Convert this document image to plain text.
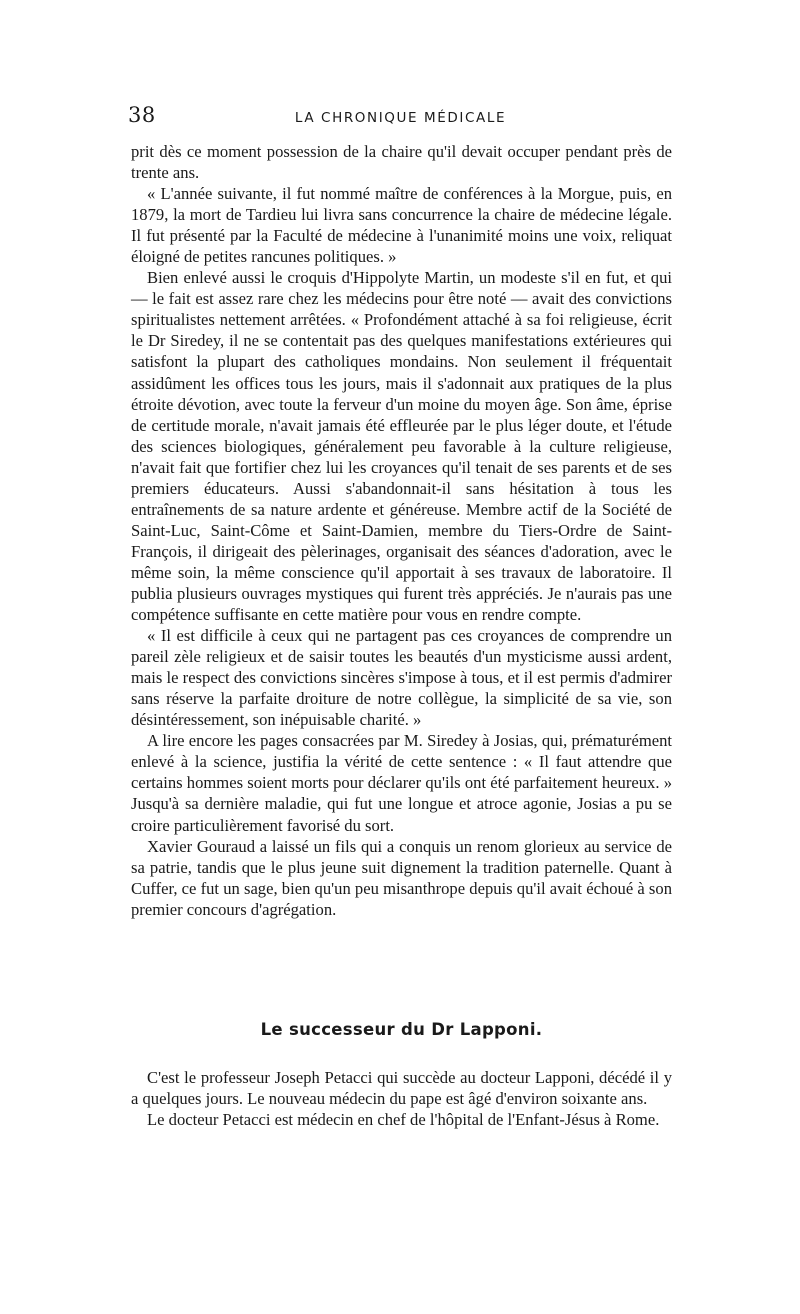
38	LA CHRONIQUE MÉDICALE

prit dès ce moment possession de la chaire qu'il devait occuper pendant près de trente ans.

« L'année suivante, il fut nommé maître de conférences à la Morgue, puis, en 1879, la mort de Tardieu lui livra sans concurrence la chaire de médecine légale. Il fut présenté par la Faculté de médecine à l'unanimité moins une voix, reliquat éloigné de petites rancunes politiques. »

Bien enlevé aussi le croquis d'Hippolyte Martin, un modeste s'il en fut, et qui — le fait est assez rare chez les médecins pour être noté — avait des convictions spiritualistes nettement arrêtées. « Profondément attaché à sa foi religieuse, écrit le Dr Siredey, il ne se contentait pas des quelques manifestations extérieures qui satisfont la plupart des catholiques mondains. Non seulement il fréquentait assidûment les offices tous les jours, mais il s'adonnait aux pratiques de la plus étroite dévotion, avec toute la ferveur d'un moine du moyen âge. Son âme, éprise de certitude morale, n'avait jamais été effleurée par le plus léger doute, et l'étude des sciences biologiques, généralement peu favorable à la culture religieuse, n'avait fait que fortifier chez lui les croyances qu'il tenait de ses parents et de ses premiers éducateurs. Aussi s'abandonnait-il sans hésitation à tous les entraînements de sa nature ardente et généreuse. Membre actif de la Société de Saint-Luc, Saint-Côme et Saint-Damien, membre du Tiers-Ordre de Saint-François, il dirigeait des pèlerinages, organisait des séances d'adoration, avec le même soin, la même conscience qu'il apportait à ses travaux de laboratoire. Il publia plusieurs ouvrages mystiques qui furent très appréciés. Je n'aurais pas une compétence suffisante en cette matière pour vous en rendre compte.

« Il est difficile à ceux qui ne partagent pas ces croyances de comprendre un pareil zèle religieux et de saisir toutes les beautés d'un mysticisme aussi ardent, mais le respect des convictions sincères s'impose à tous, et il est permis d'admirer sans réserve la parfaite droiture de notre collègue, la simplicité de sa vie, son désintéressement, son inépuisable charité. »

A lire encore les pages consacrées par M. Siredey à Josias, qui, prématurément enlevé à la science, justifia la vérité de cette sentence : « Il faut attendre que certains hommes soient morts pour déclarer qu'ils ont été parfaitement heureux. » Jusqu'à sa dernière maladie, qui fut une longue et atroce agonie, Josias a pu se croire particulièrement favorisé du sort.

Xavier Gouraud a laissé un fils qui a conquis un renom glorieux au service de sa patrie, tandis que le plus jeune suit dignement la tradition paternelle. Quant à Cuffer, ce fut un sage, bien qu'un peu misanthrope depuis qu'il avait échoué à son premier concours d'agrégation.

Le successeur du Dr Lapponi.

C'est le professeur Joseph Petacci qui succède au docteur Lapponi, décédé il y a quelques jours. Le nouveau médecin du pape est âgé d'environ soixante ans.

Le docteur Petacci est médecin en chef de l'hôpital de l'Enfant-Jésus à Rome.
